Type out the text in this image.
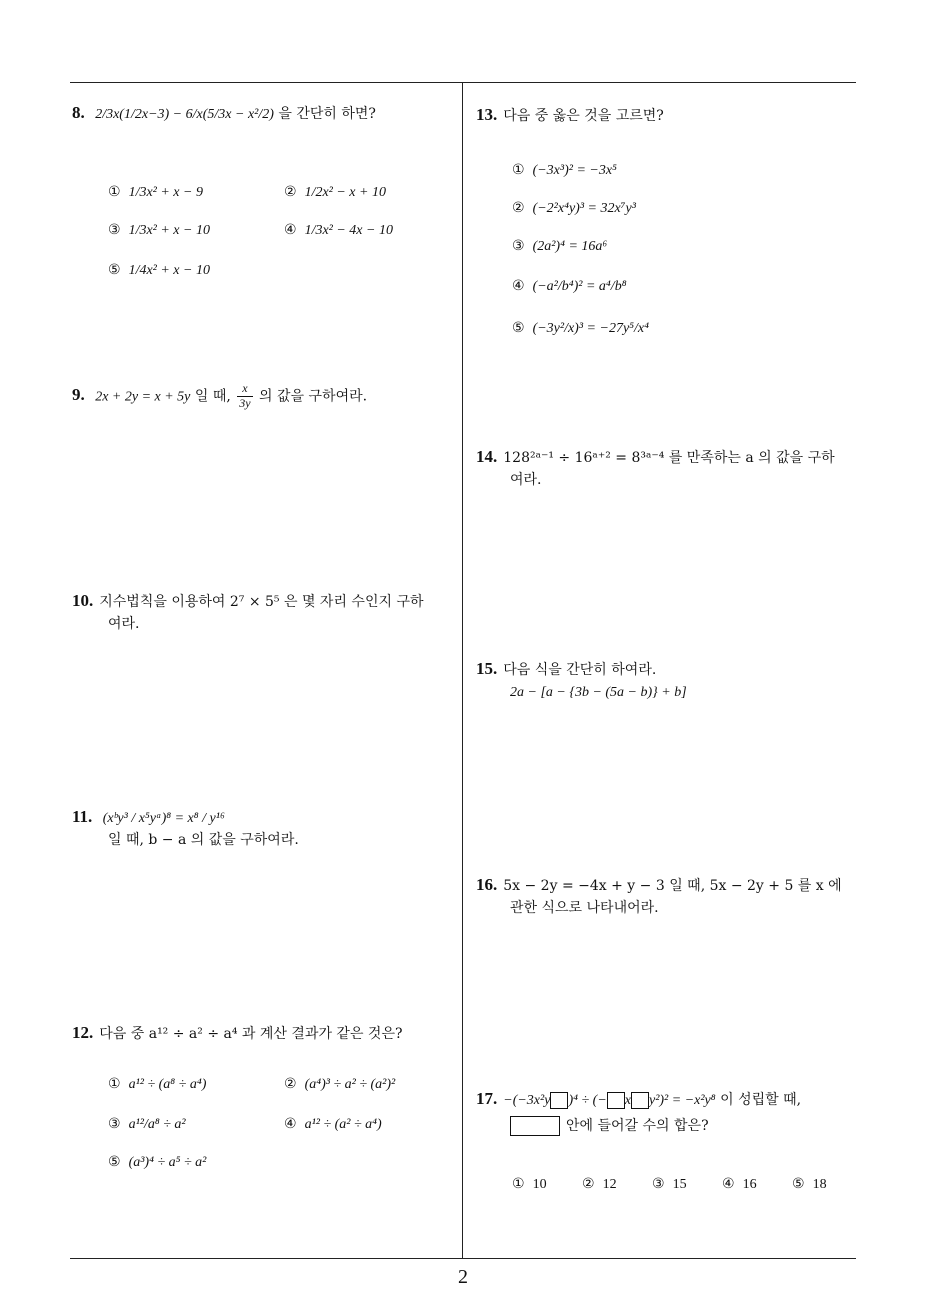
8. 2/3x(1/2x−3) − 6/x(5/3x − x²/2) 을 간단히 하면?
① 1/3x² + x − 9	② 1/2x² − x + 10
③ 1/3x² + x − 10	④ 1/3x² − 4x − 10
⑤ 1/4x² + x − 10
9. 2x + 2y = x + 5y 일 때, $\frac{x}{3y}$ 의 값을 구하여라.
10. 지수법칙을 이용하여 2⁷ × 5⁵ 은 몇 자리 수인지 구하
여라.
11. (xᵇy³ / x⁵yᵃ)⁸ = x⁸ / y¹⁶
일 때, b − a 의 값을 구하여라.
12. 다음 중 a¹² ÷ a² ÷ a⁴ 과 계산 결과가 같은 것은?
① a¹² ÷ (a⁸ ÷ a⁴)	② (a⁴)³ ÷ a² ÷ (a²)²
③ a¹²/a⁸ ÷ a²	④ a¹² ÷ (a² ÷ a⁴)
⑤ (a³)⁴ ÷ a⁵ ÷ a²
13. 다음 중 옳은 것을 고르면?
① (−3x³)² = −3x⁵
② (−2²x⁴y)³ = 32x⁷y³
③ (2a²)⁴ = 16a⁶
④ (−a²/b⁴)² = a⁴/b⁸
⑤ (−3y²/x)³ = −27y⁵/x⁴
14. 128²ᵃ⁻¹ ÷ 16ᵃ⁺² = 8³ᵃ⁻⁴ 를 만족하는 a 의 값을 구하
여라.
15. 다음 식을 간단히 하여라.
2a − [a − {3b − (5a − b)} + b]
16. 5x − 2y = −4x + y − 3 일 때, 5x − 2y + 5 를 x 에
관한 식으로 나타내어라.
17. −(−3x²y )⁴ ÷ (− x y²)² = −x²y⁸ 이 성립할 때,
안에 들어갈 수의 합은?
① 10	② 12	③ 15	④ 16	⑤ 18
2
